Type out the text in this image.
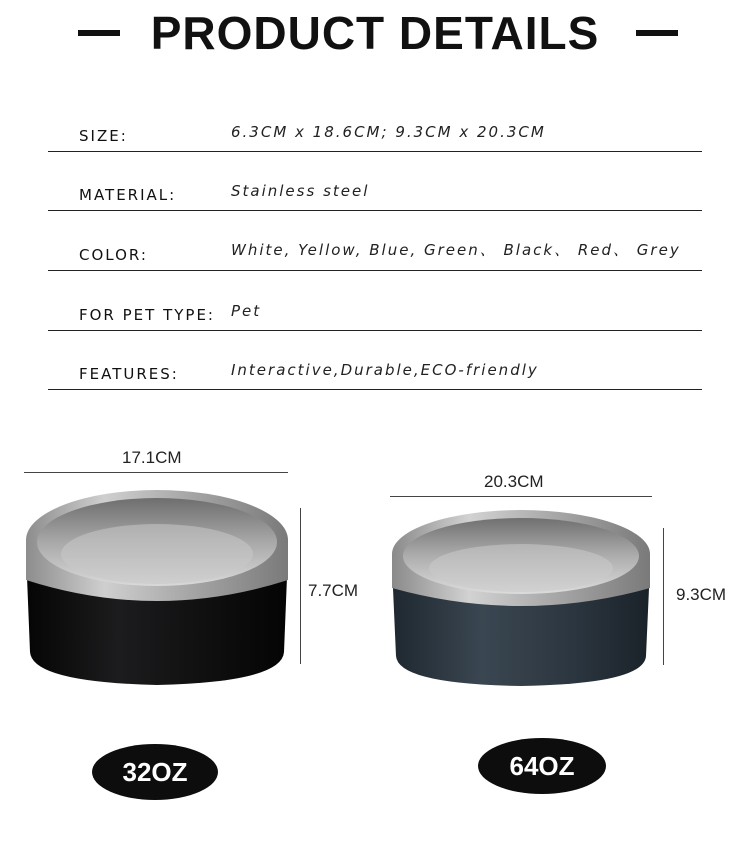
PRODUCT DETAILS
SIZE:	6.3CM x 18.6CM; 9.3CM x 20.3CM
MATERIAL:	Stainless steel
COLOR:	White, Yellow, Blue, Green、 Black、 Red、 Grey
FOR PET TYPE: Pet
FEATURES:	Interactive,Durable,ECO-friendly
17.1CM
7.7CM
32OZ
20.3CM
9.3CM
64OZ
